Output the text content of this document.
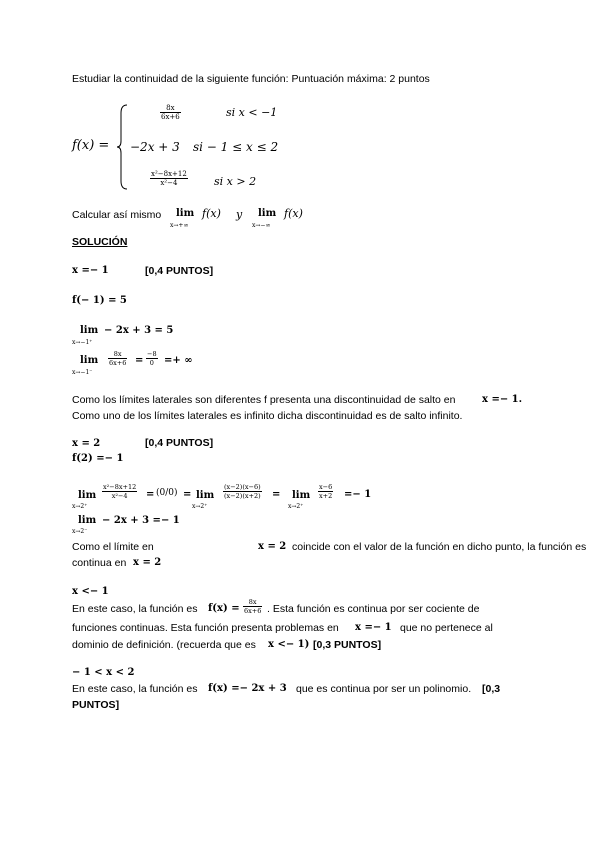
Estudiar la continuidad de la siguiente función: Puntuación máxima: 2 puntos
f(x) =
$\frac{8x}{6x+6}$	si x < −1
−2x + 3 si − 1 ≤ x ≤ 2
$\frac{\text{x²−8x+12}}{\text{x²−4}}$ si x > 2
Calcular así mismo lim
x→+∞
f(x) y lim
x→−∞
f(x)
SOLUCIÓN
x =− 1	[0,4 PUNTOS]
f(− 1) = 5
lim
x→−1⁺
− 2x + 3 = 5
lim
x→−1⁻
$\frac{8x}{6x+6} = \frac{-8}{0}$ =+ ∞
Como los límites laterales son diferentes f presenta una discontinuidad de salto en	x =− 1.
Como uno de los límites laterales es infinito dicha discontinuidad es de salto infinito.
x = 2	[0,4 PUNTOS]
f(2) =− 1
lim
x→2⁺
$\frac{\text{x²−8x+12}}{\text{x²−4}} = (0/0) = \lim$
x→2⁺
$\frac{(x-2)(x-6)}{(x-2)(x+2)} = \lim$
x→2⁺
$\frac{x-6}{x+2} =- 1$
lim
x→2⁻
− 2x + 3 =− 1
Como el límite en	x = 2 coincide con el valor de la función en dicho punto, la función es
continua en x = 2
x <− 1
En este caso, la función es $f(x) = \frac{8x}{6x+6}$ . Esta función es continua por ser cociente de
funciones continuas. Esta función presenta problemas en x =− 1 que no pertenece al
dominio de definición. (recuerda que es x <− 1) [0,3 PUNTOS]
− 1 < x < 2
En este caso, la función es f(x) =− 2x + 3 que es continua por ser un polinomio. [0,3
PUNTOS]
